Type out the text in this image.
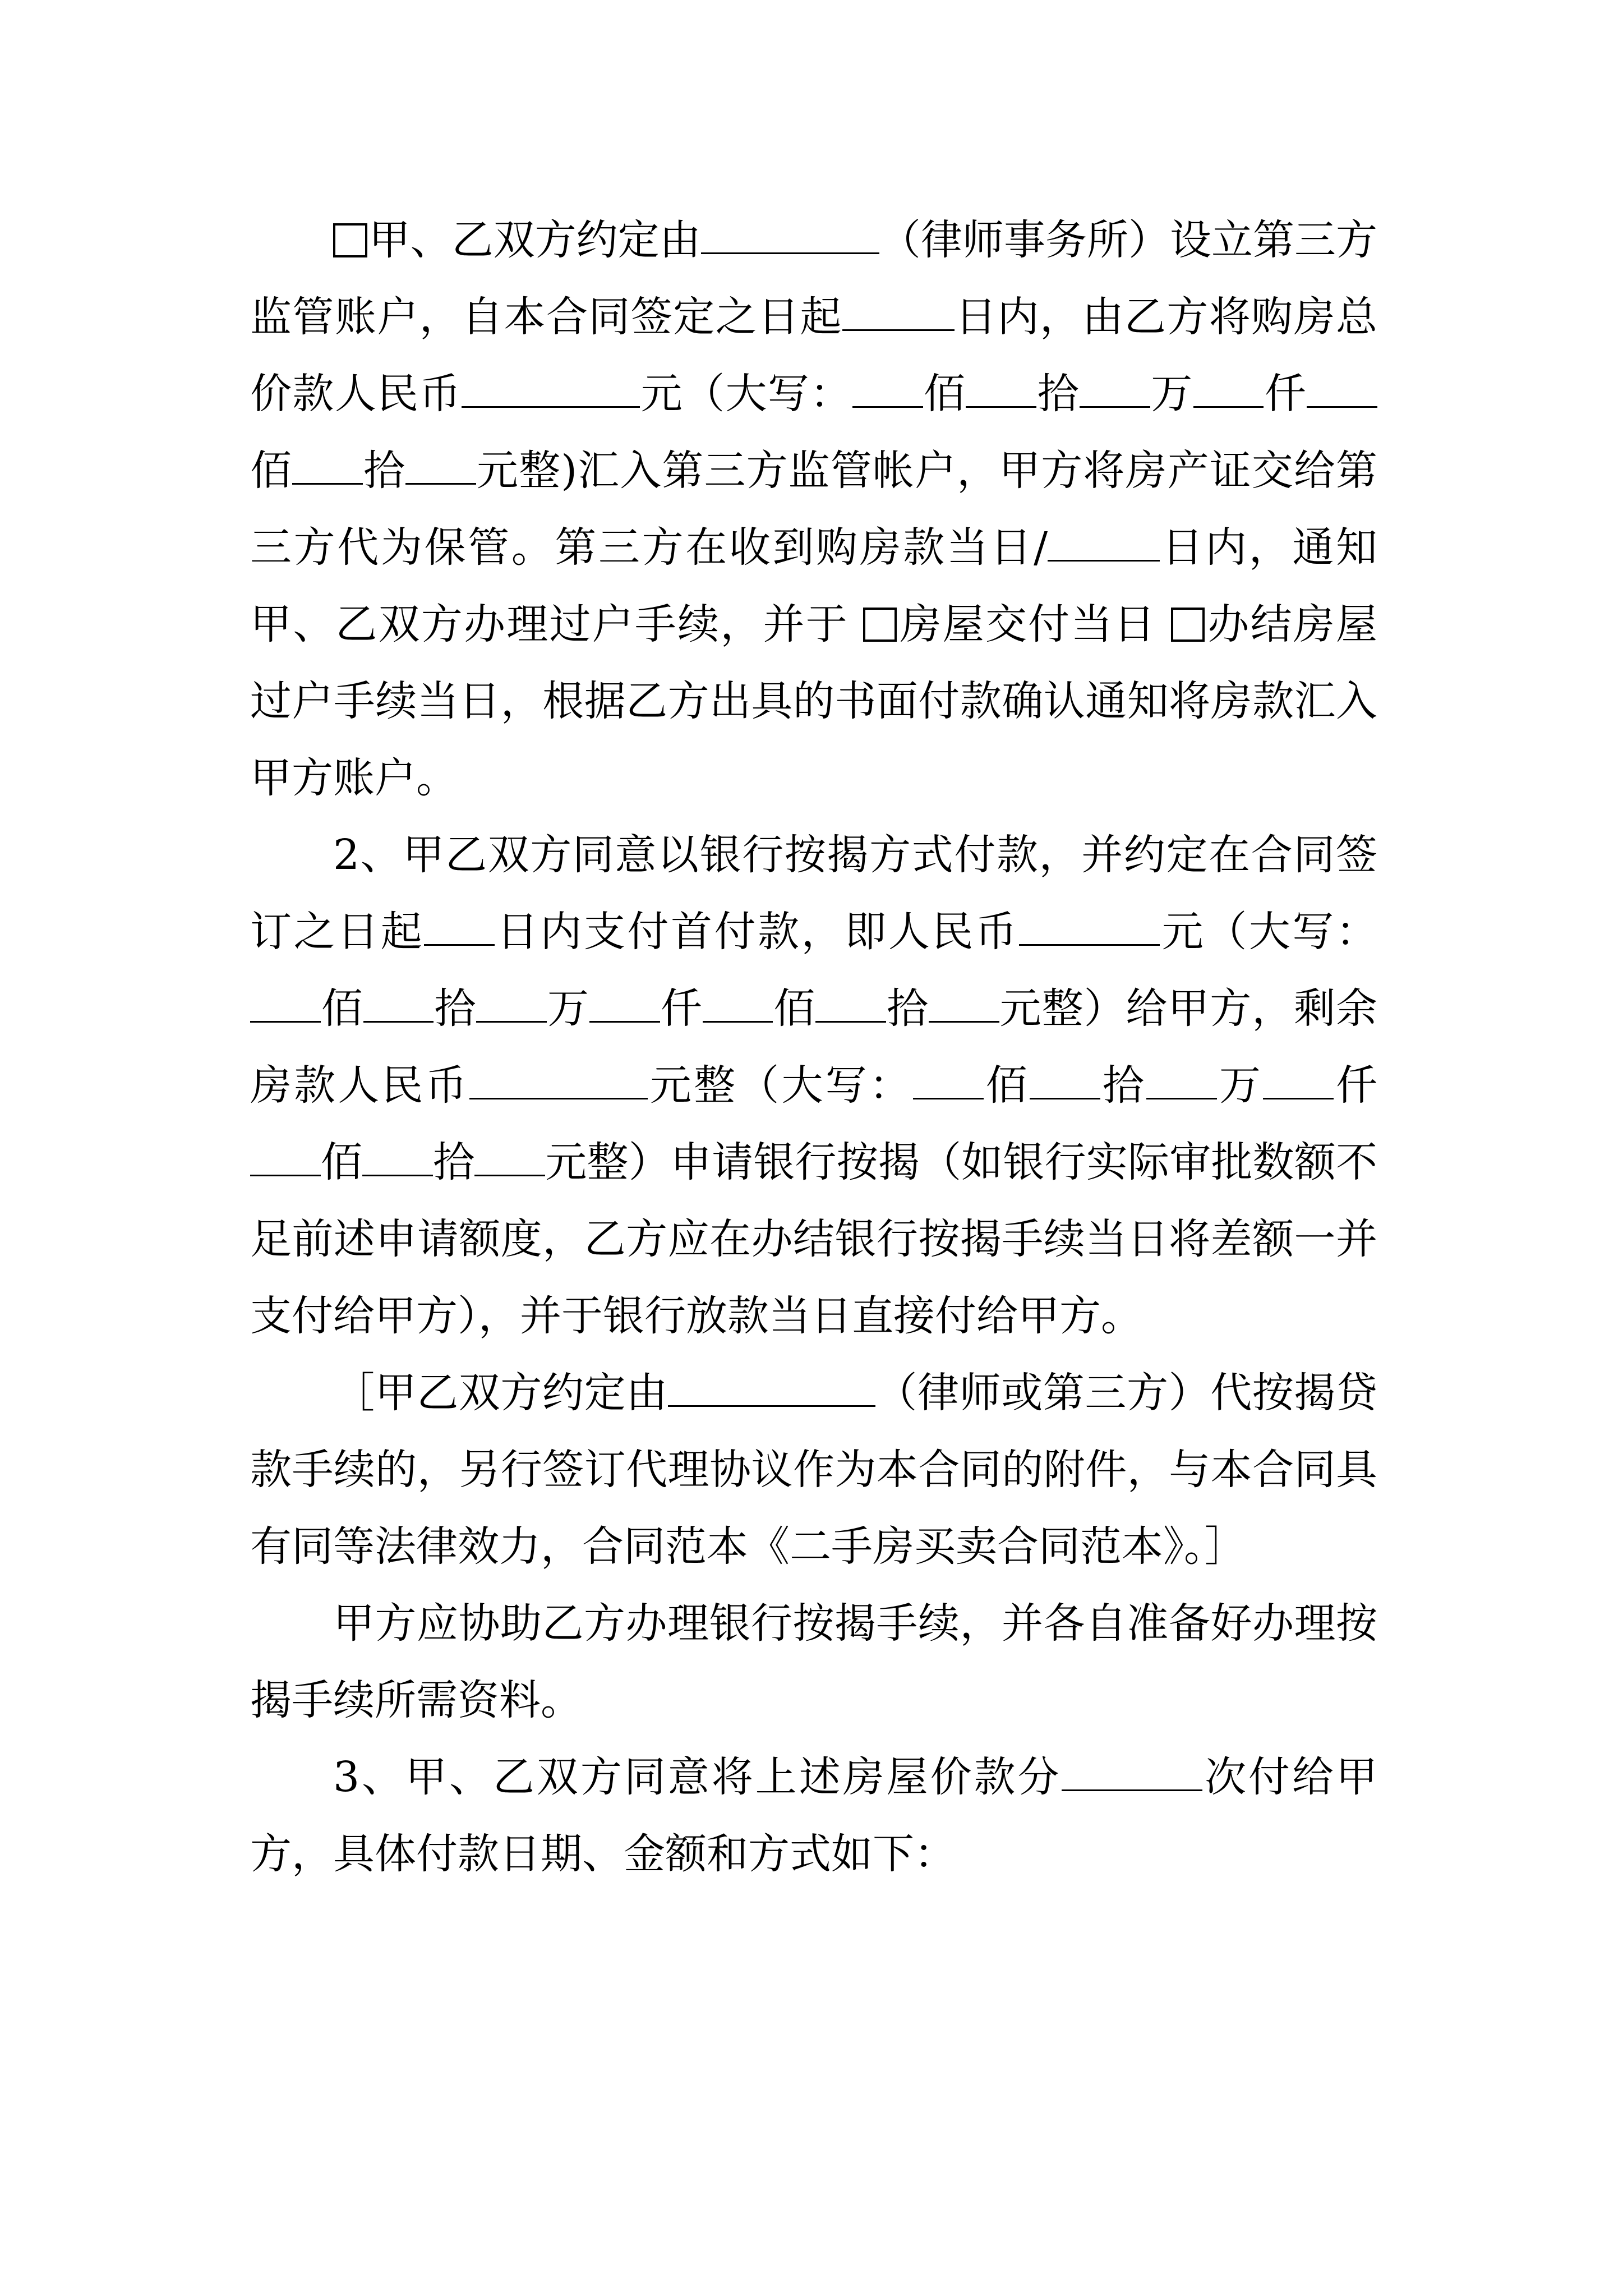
甲、乙双方约定由	（律师事务所）设立第三方监管账户，自本合同签定之日起	日内，由乙方将购房总价款人民币	元（大写： 佰 拾 万 仟佰 拾 元整)汇入第三方监管帐户，甲方将房产证交给第三方代为保管。第三方在收到购房款当日/	日内，通知甲、乙双方办理过户手续，并于 房屋交付当日 办结房屋过户手续当日，根据乙方出具的书面付款确认通知将房款汇入甲方账户。

2、甲乙双方同意以银行按揭方式付款，并约定在合同签订之日起 日内支付首付款，即人民币	元（大写：佰 拾 万 仟 佰 拾 元整）给甲方，剩余房款人民币	元整（大写： 佰 拾 万 仟佰 拾 元整）申请银行按揭（如银行实际审批数额不足前述申请额度，乙方应在办结银行按揭手续当日将差额一并支付给甲方），并于银行放款当日直接付给甲方。

［甲乙双方约定由	（律师或第三方）代按揭贷款手续的，另行签订代理协议作为本合同的附件，与本合同具有同等法律效力，合同范本《二手房买卖合同范本》。］

甲方应协助乙方办理银行按揭手续，并各自准备好办理按揭手续所需资料。

3、甲、乙双方同意将上述房屋价款分	次付给甲方，具体付款日期、金额和方式如下：
